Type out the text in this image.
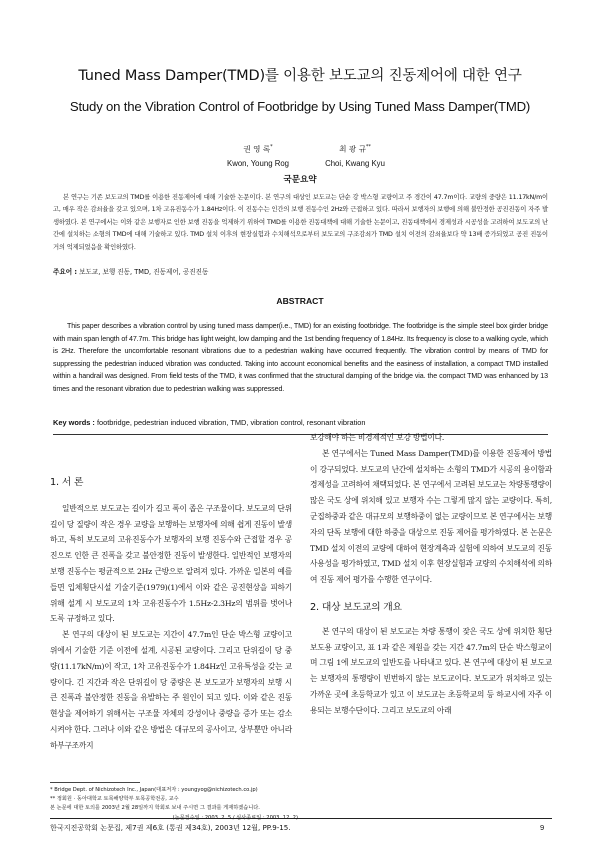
Tuned Mass Damper(TMD)를 이용한 보도교의 진동제어에 대한 연구
Study on the Vibration Control of Footbridge by Using Tuned Mass Damper(TMD)
권 영 록*
Kwon, Young Rog
최 광 규**
Choi, Kwang Kyu
국문요약

본 연구는 기존 보도교의 TMD를 이용한 진동제어에 대해 기술한 논문이다. 본 연구의 대상인 보도교는 단순 강 박스형 교량이고 주 경간이 47.7m이다. 교량의 중량은 11.17kN/m이고, 매우 작은 감쇠율을 갖고 있으며, 1차 고유진동수가 1.84Hz이다. 이 진동수는 인간의 보행 진동수인 2Hz와 근접하고 있다. 따라서 보행자의 보행에 의해 불안정한 공진진동이 자주 발생하였다. 본 연구에서는 이와 같은 보행자로 인한 보행 진동을 억제하기 위하여 TMD를 이용한 진동대책에 대해 기술한 논문이고, 진동대책에서 경제성과 시공성을 고려하여 보도교의 난간에 설치하는 소형의 TMD에 대해 기술하고 있다. TMD 설치 이후의 현장실험과 수치해석으로부터 보도교의 구조감쇠가 TMD 설치 이전의 감쇠율보다 약 13배 증가되었고 공진 진동이 거의 억제되었음을 확인하였다.

주요어 : 보도교, 보행 진동, TMD, 진동제어, 공진진동
ABSTRACT

This paper describes a vibration control by using tuned mass damper(i.e., TMD) for an existing footbridge. The footbridge is the simple steel box girder bridge with main span length of 47.7m. This bridge has light weight, low damping and the 1st bending frequency of 1.84Hz. Its frequency is close to a walking cycle, which is 2Hz. Therefore the uncomfortable resonant vibrations due to a pedestrian walking have occurred frequently. The vibration control by means of TMD for suppressing the pedestrian induced vibration was conducted. Taking into account economical benefits and the easiness of installation, a compact TMD installed within a handrail was designed. From field tests of the TMD, it was confirmed that the structural damping of the bridge via. the compact TMD was enhanced by 13 times and the resonant vibration due to pedestrian walking was suppressed.

Key words : footbridge, pedestrian induced vibration, TMD, vibration control, resonant vibration
1. 서 론

일반적으로 보도교는 길이가 길고 폭이 좁은 구조물이다. 보도교의 단위길이 당 질량이 작은 경우 교량을 보행하는 보행자에 의해 쉽게 진동이 발생하고, 특히 보도교의 고유진동수가 보행자의 보행 진동수와 근접할 경우 공진으로 인한 큰 진폭을 갖고 불안정한 진동이 발생한다. 일반적인 보행자의 보행 진동수는 평균적으로 2Hz 근방으로 알려져 있다. 가까운 일본의 예를 들면 입체횡단시설 기술기준(1979)(1)에서 이와 같은 공진현상을 피하기 위해 설계 시 보도교의 1차 고유진동수가 1.5Hz-2.3Hz의 범위를 벗어나도록 규정하고 있다.

본 연구의 대상이 된 보도교는 지간이 47.7m인 단순 박스형 교량이고 위에서 기술한 기준 이전에 설계, 시공된 교량이다. 그리고 단위길이 당 중량(11.17kN/m)이 작고, 1차 고유진동수가 1.84Hz인 고유특성을 갖는 교량이다. 긴 지간과 작은 단위길이 당 중량은 본 보도교가 보행자의 보행 시 큰 진폭과 불안정한 진동을 유발하는 주 원인이 되고 있다. 이와 같은 진동현상을 제어하기 위해서는 구조물 자체의 강성이나 중량을 증가 또는 감소 시켜야 한다. 그러나 이와 같은 방법은 대규모의 공사이고, 상부뿐만 아니라 하부구조까지

보강해야 하는 비경제적인 보강 방법이다.

본 연구에서는 Tuned Mass Damper(TMD)를 이용한 진동제어 방법이 강구되었다. 보도교의 난간에 설치하는 소형의 TMD가 시공의 용이함과 경제성을 고려하여 채택되었다. 본 연구에서 고려된 보도교는 차량통행량이 많은 국도 상에 위치해 있고 보행자 수는 그렇게 많지 않는 교량이다. 특히, 군집하중과 같은 대규모의 보행하중이 없는 교량이므로 본 연구에서는 보행자의 단독 보행에 대한 하중을 대상으로 진동 제어를 평가하였다. 본 논문은 TMD 설치 이전의 교량에 대하여 현장계측과 실험에 의하여 보도교의 진동 사용성을 평가하였고, TMD 설치 이후 현장실험과 교량의 수치해석에 의하여 진동 제어 평가를 수행한 연구이다.

2. 대상 보도교의 개요

본 연구의 대상이 된 보도교는 차량 통행이 잦은 국도 상에 위치한 횡단보도용 교량이고, 표 1과 같은 제원을 갖는 지간 47.7m의 단순 박스형교이며 그림 1에 보도교의 일반도를 나타내고 있다. 본 연구에 대상이 된 보도교는 보행자의 통행량이 빈번하지 않는 보도교이다. 보도교가 위치하고 있는 가까운 곳에 초등학교가 있고 이 보도교는 초등학교의 등 하교시에 자주 이용되는 보행수단이다. 그리고 보도교의 아래

* Bridge Dept. of Nichizotech Inc., Japan(대표저자 : youngyog@nichizotech.co.jp)
** 정회원 · 동아대학교 토목해양학부 토목공학전공, 교수
본 논문에 대한 토의를 2003년 2월 28일까지 학회로 보내 주시면 그 결과를 게재하겠습니다.
한국지진공학회 논문집, 제7권 제6호 (통권 제34호), 2003년 12월, PP.9-15.	9
